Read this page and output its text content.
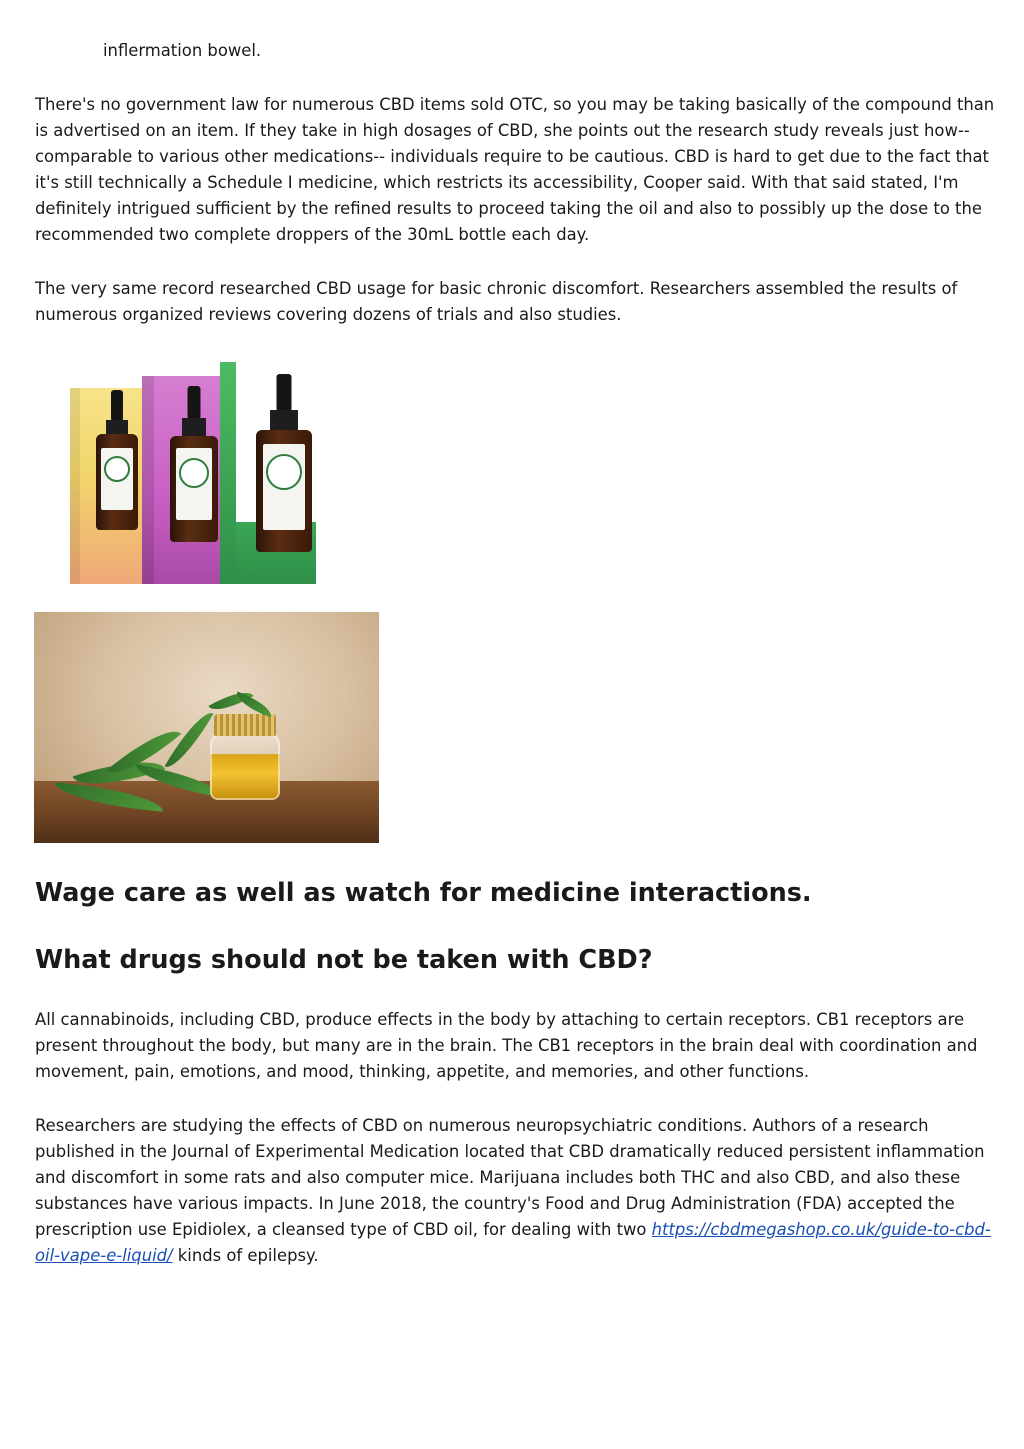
inflermation bowel.

There's no government law for numerous CBD items sold OTC, so you may be taking basically of the compound than is advertised on an item. If they take in high dosages of CBD, she points out the research study reveals just how-- comparable to various other medications-- individuals require to be cautious. CBD is hard to get due to the fact that it's still technically a Schedule I medicine, which restricts its accessibility, Cooper said. With that said stated, I'm definitely intrigued sufficient by the refined results to proceed taking the oil and also to possibly up the dose to the recommended two complete droppers of the 30mL bottle each day.

The very same record researched CBD usage for basic chronic discomfort. Researchers assembled the results of numerous organized reviews covering dozens of trials and also studies.

Wage care as well as watch for medicine interactions.
What drugs should not be taken with CBD?

All cannabinoids, including CBD, produce effects in the body by attaching to certain receptors. CB1 receptors are present throughout the body, but many are in the brain. The CB1 receptors in the brain deal with coordination and movement, pain, emotions, and mood, thinking, appetite, and memories, and other functions.

Researchers are studying the effects of CBD on numerous neuropsychiatric conditions. Authors of a research published in the Journal of Experimental Medication located that CBD dramatically reduced persistent inflammation and discomfort in some rats and also computer mice. Marijuana includes both THC and also CBD, and also these substances have various impacts. In June 2018, the country's Food and Drug Administration (FDA) accepted the prescription use Epidiolex, a cleansed type of CBD oil, for dealing with two https://cbdmegashop.co.uk/guide-to-cbd-oil-vape-e-liquid/ kinds of epilepsy.
